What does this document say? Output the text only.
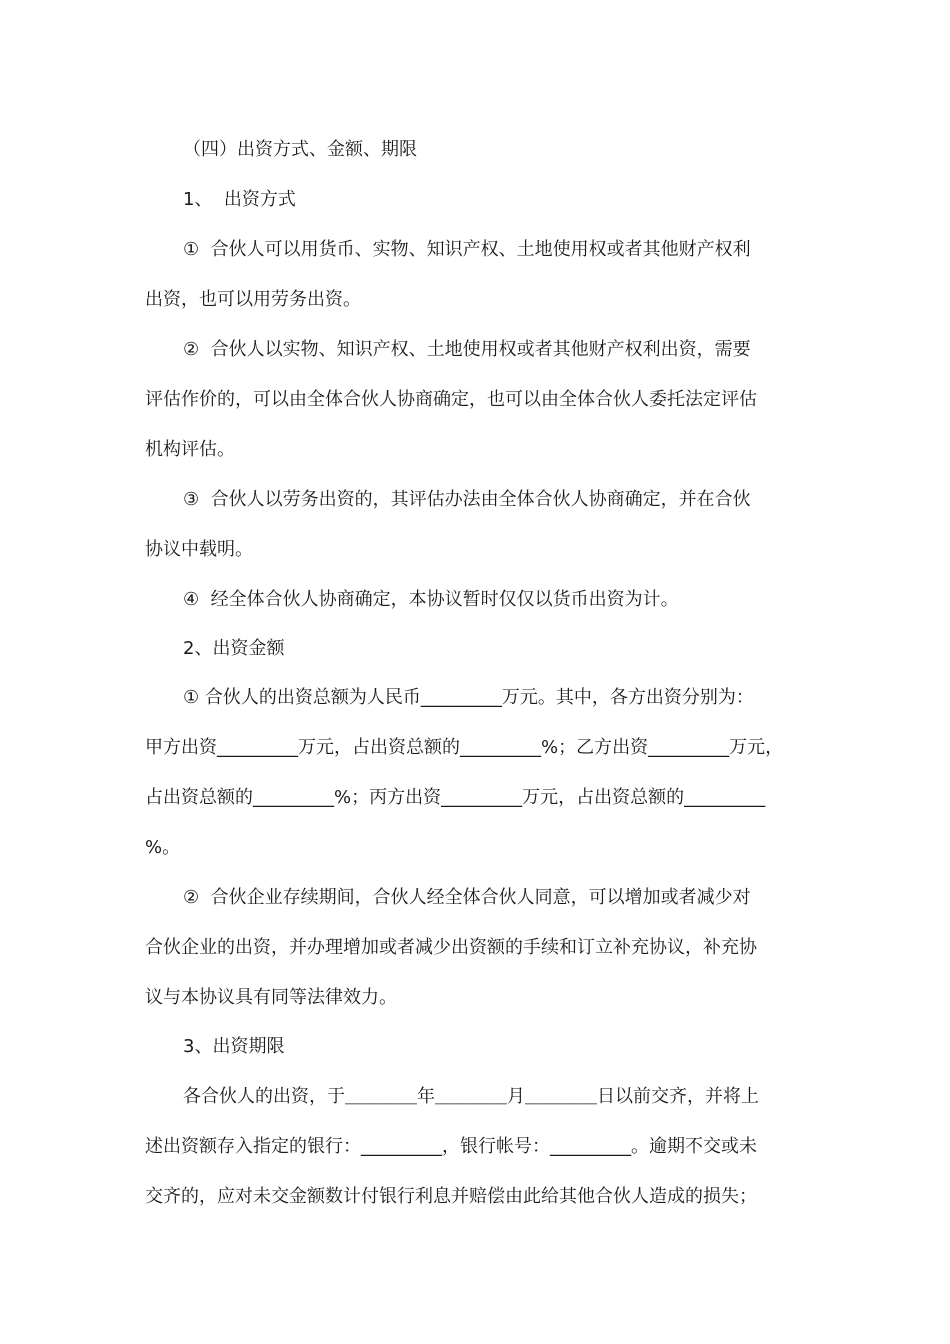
（四）出资方式、金额、期限
1、  出资方式
①  合伙人可以用货币、实物、知识产权、土地使用权或者其他财产权利
出资，也可以用劳务出资。
②  合伙人以实物、知识产权、土地使用权或者其他财产权利出资，需要
评估作价的，可以由全体合伙人协商确定，也可以由全体合伙人委托法定评估
机构评估。
③  合伙人以劳务出资的，其评估办法由全体合伙人协商确定，并在合伙
协议中载明。
④  经全体合伙人协商确定，本协议暂时仅仅以货币出资为计。
2、出资金额
① 合伙人的出资总额为人民币_________万元。其中，各方出资分别为：
甲方出资_________万元，占出资总额的_________%；乙方出资_________万元，
占出资总额的_________%；丙方出资_________万元，占出资总额的_________
%。
②  合伙企业存续期间，合伙人经全体合伙人同意，可以增加或者减少对
合伙企业的出资，并办理增加或者减少出资额的手续和订立补充协议，补充协
议与本协议具有同等法律效力。
3、出资期限
各合伙人的出资，于＿＿＿＿年＿＿＿＿月＿＿＿＿日以前交齐，并将上
述出资额存入指定的银行：_________，银行帐号：_________。逾期不交或未
交齐的，应对未交金额数计付银行利息并赔偿由此给其他合伙人造成的损失；
